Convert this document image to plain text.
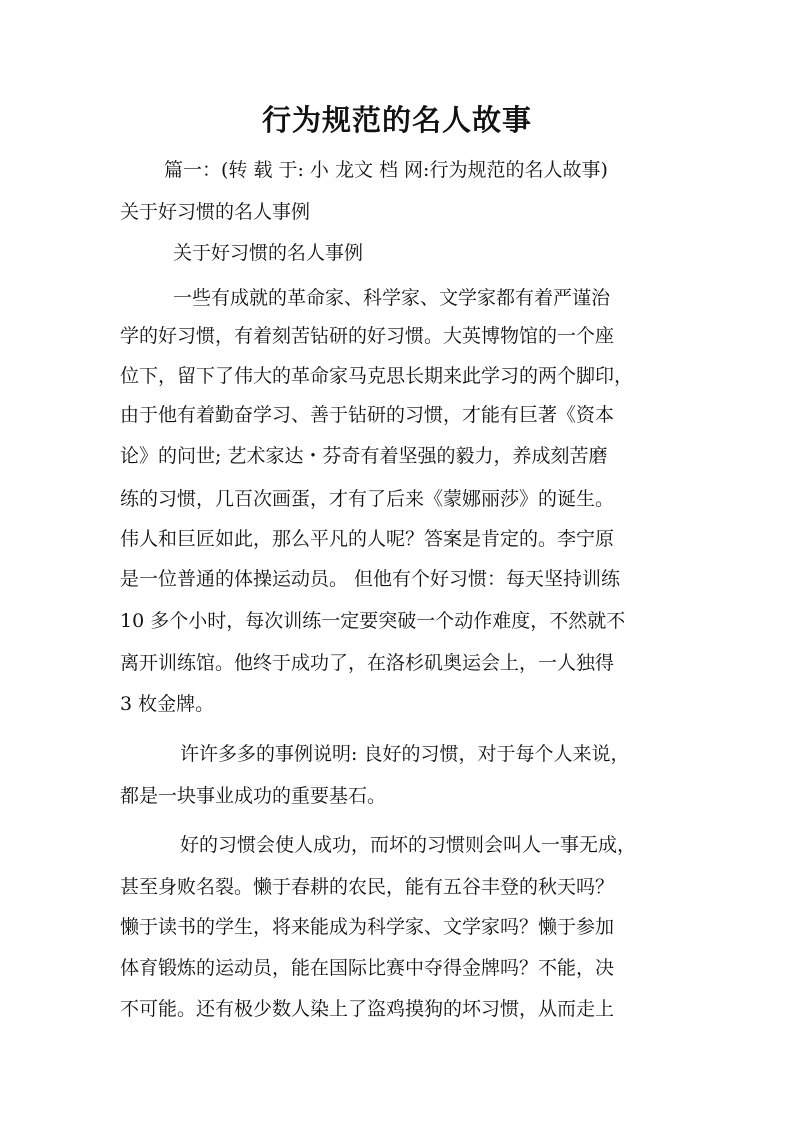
行为规范的名人故事
篇一：(转 载 于: 小 龙文 档 网:行为规范的名人故事)
关于好习惯的名人事例
关于好习惯的名人事例
一些有成就的革命家、科学家、文学家都有着严谨治
学的好习惯，有着刻苦钻研的好习惯。大英博物馆的一个座
位下，留下了伟大的革命家马克思长期来此学习的两个脚印，
由于他有着勤奋学习、善于钻研的习惯，才能有巨著《资本
论》的问世; 艺术家达・芬奇有着坚强的毅力，养成刻苦磨
练的习惯，几百次画蛋，才有了后来《蒙娜丽莎》的诞生。
伟人和巨匠如此，那么平凡的人呢？答案是肯定的。李宁原
是一位普通的体操运动员。 但他有个好习惯：每天坚持训练
10 多个小时，每次训练一定要突破一个动作难度，不然就不
离开训练馆。他终于成功了，在洛杉矶奥运会上，一人独得
3 枚金牌。
许许多多的事例说明: 良好的习惯，对于每个人来说，
都是一块事业成功的重要基石。
好的习惯会使人成功，而坏的习惯则会叫人一事无成，
甚至身败名裂。懒于春耕的农民，能有五谷丰登的秋天吗？
懒于读书的学生，将来能成为科学家、文学家吗？懒于参加
体育锻炼的运动员，能在国际比赛中夺得金牌吗？不能，决
不可能。还有极少数人染上了盗鸡摸狗的坏习惯，从而走上
